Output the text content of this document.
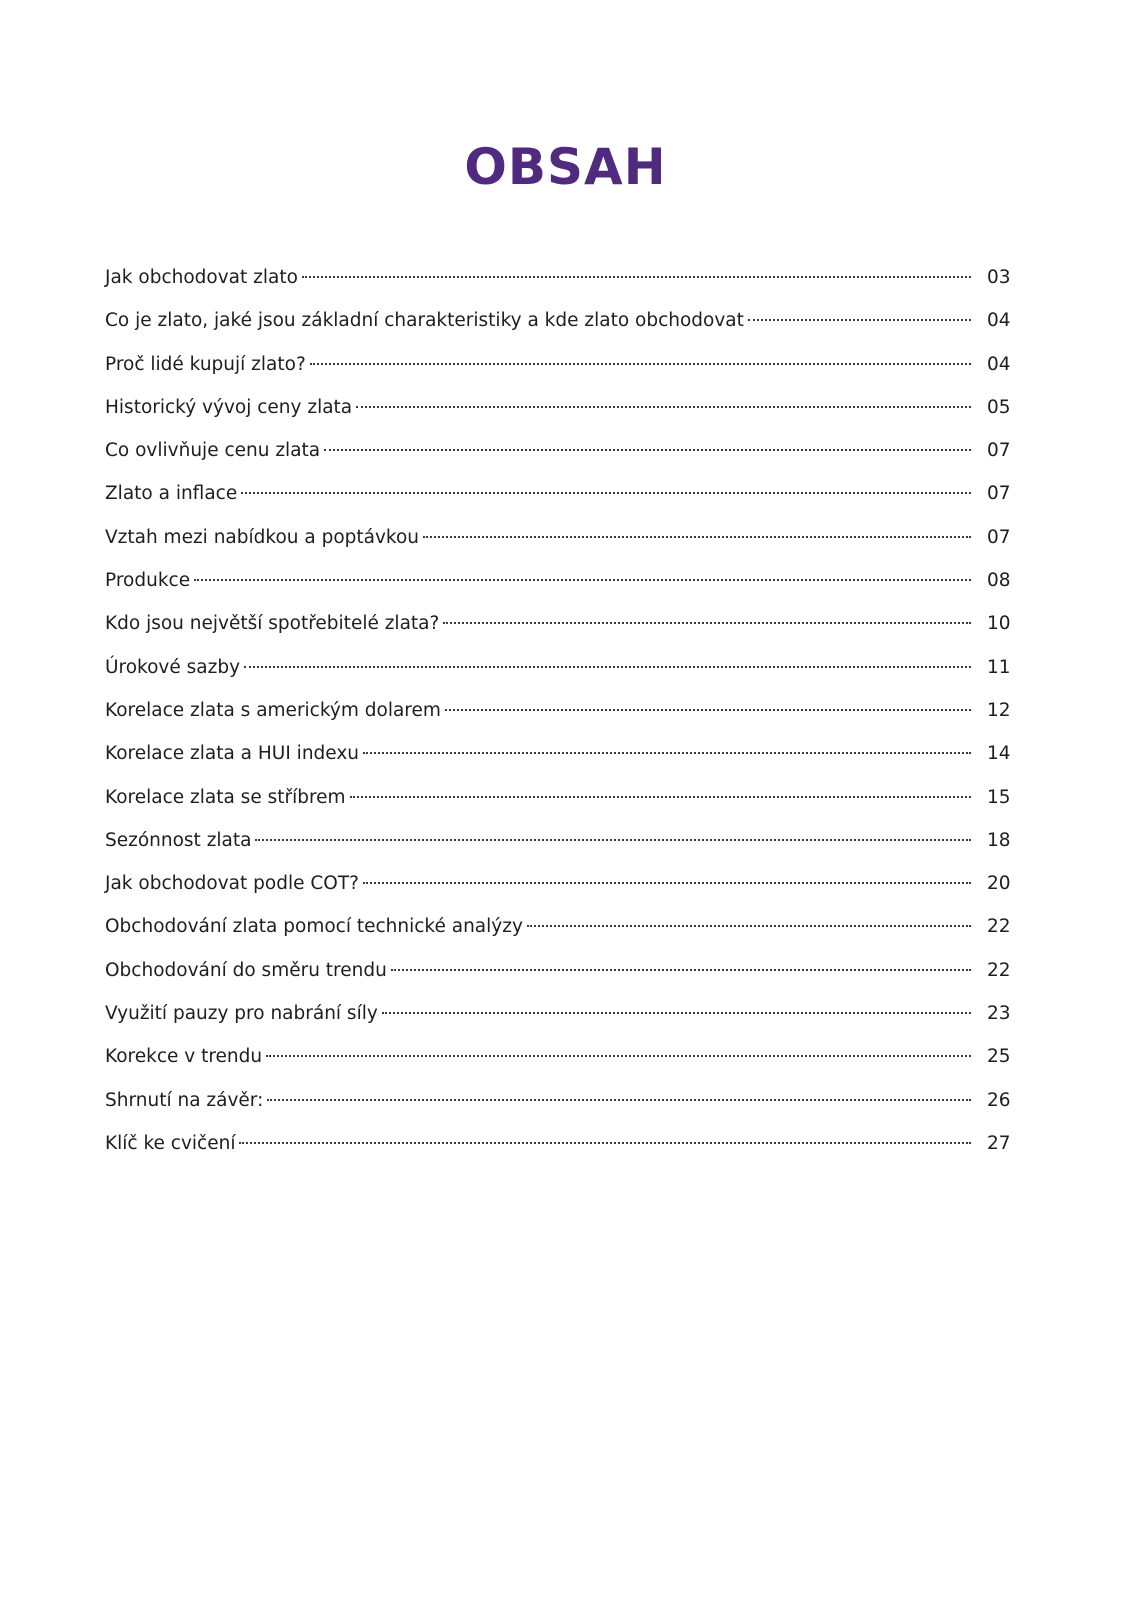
OBSAH
Jak obchodovat zlato	03
Co je zlato, jaké jsou základní charakteristiky a kde zlato obchodovat	04
Proč lidé kupují zlato?	04
Historický vývoj ceny zlata	05
Co ovlivňuje cenu zlata	07
Zlato a inflace	07
Vztah mezi nabídkou a poptávkou	07
Produkce	08
Kdo jsou největší spotřebitelé zlata?	10
Úrokové sazby	11
Korelace zlata s americkým dolarem	12
Korelace zlata a HUI indexu	14
Korelace zlata se stříbrem	15
Sezónnost zlata	18
Jak obchodovat podle COT?	20
Obchodování zlata pomocí technické analýzy	22
Obchodování do směru trendu	22
Využití pauzy pro nabrání síly	23
Korekce v trendu	25
Shrnutí na závěr:	26
Klíč ke cvičení	27
